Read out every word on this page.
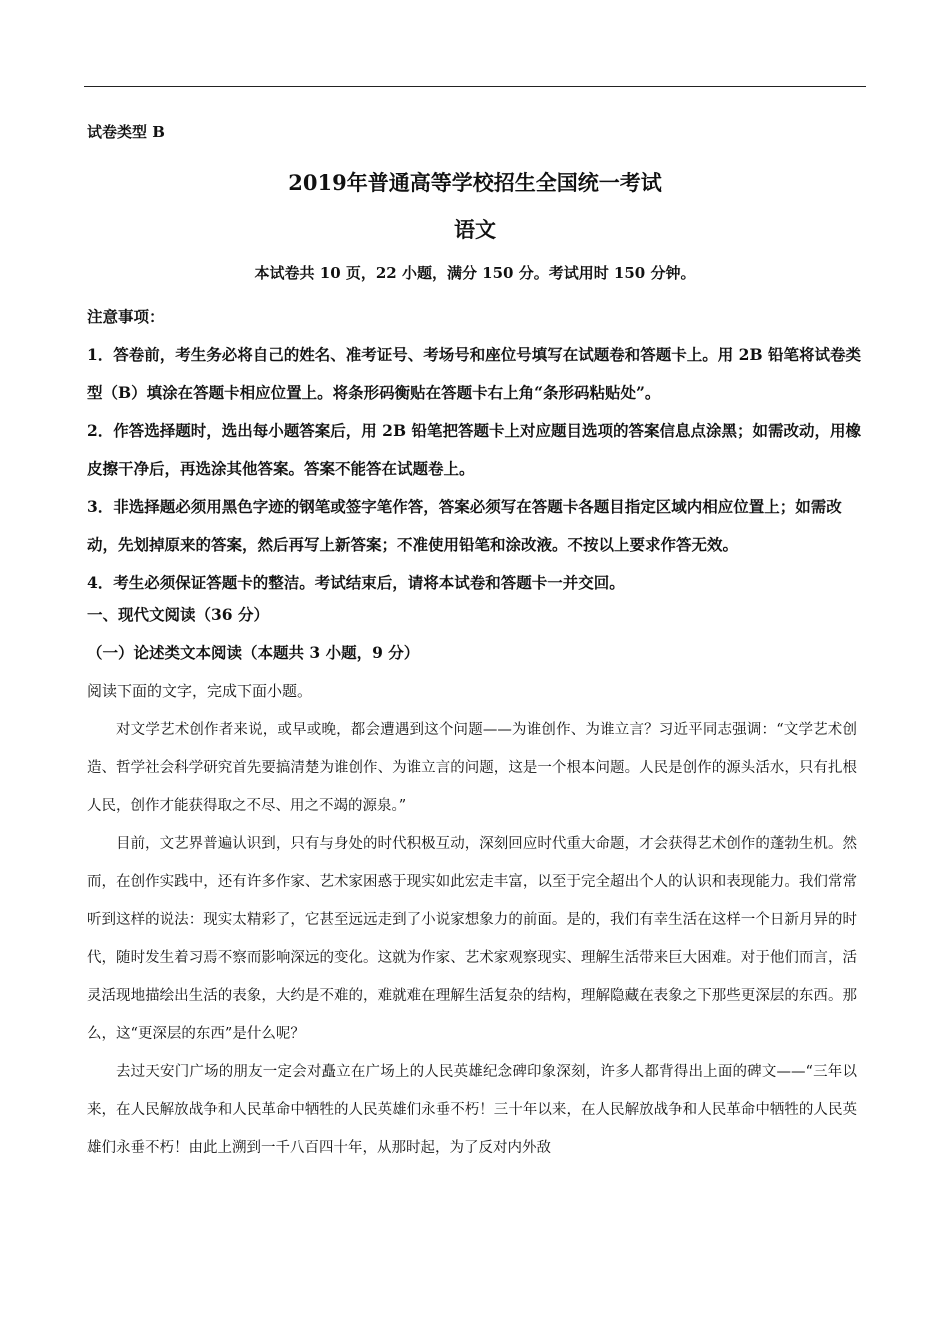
试卷类型 B
2019年普通高等学校招生全国统一考试
语文
本试卷共 10 页，22 小题，满分 150 分。考试用时 150 分钟。

注意事项：

1．答卷前，考生务必将自己的姓名、准考证号、考场号和座位号填写在试题卷和答题卡上。用 2B 铅笔将试卷类型（B）填涂在答题卡相应位置上。将条形码衡贴在答题卡右上角“条形码粘贴处”。

2．作答选择题时，选出每小题答案后，用 2B 铅笔把答题卡上对应题目选项的答案信息点涂黑；如需改动，用橡皮擦干净后，再选涂其他答案。答案不能答在试题卷上。

3．非选择题必须用黑色字迹的钢笔或签字笔作答，答案必须写在答题卡各题目指定区域内相应位置上；如需改动，先划掉原来的答案，然后再写上新答案；不准使用铅笔和涂改液。不按以上要求作答无效。

4．考生必须保证答题卡的整洁。考试结束后，请将本试卷和答题卡一并交回。

一、现代文阅读（36 分）
（一）论述类文本阅读（本题共 3 小题，9 分）
阅读下面的文字，完成下面小题。

对文学艺术创作者来说，或早或晚，都会遭遇到这个问题——为谁创作、为谁立言？习近平同志强调：“文学艺术创造、哲学社会科学研究首先要搞清楚为谁创作、为谁立言的问题，这是一个根本问题。人民是创作的源头活水，只有扎根人民，创作才能获得取之不尽、用之不竭的源泉。”

目前，文艺界普遍认识到，只有与身处的时代积极互动，深刻回应时代重大命题，才会获得艺术创作的蓬勃生机。然而，在创作实践中，还有许多作家、艺术家困惑于现实如此宏走丰富，以至于完全超出个人的认识和表现能力。我们常常听到这样的说法：现实太精彩了，它甚至远远走到了小说家想象力的前面。是的，我们有幸生活在这样一个日新月异的时代，随时发生着习焉不察而影响深远的变化。这就为作家、艺术家观察现实、理解生活带来巨大困难。对于他们而言，活灵活现地描绘出生活的表象，大约是不难的，难就难在理解生活复杂的结构，理解隐藏在表象之下那些更深层的东西。那么，这“更深层的东西”是什么呢？

去过天安门广场的朋友一定会对矗立在广场上的人民英雄纪念碑印象深刻，许多人都背得出上面的碑文——“三年以来，在人民解放战争和人民革命中牺牲的人民英雄们永垂不朽！三十年以来，在人民解放战争和人民革命中牺牲的人民英雄们永垂不朽！由此上溯到一千八百四十年，从那时起，为了反对内外敌
